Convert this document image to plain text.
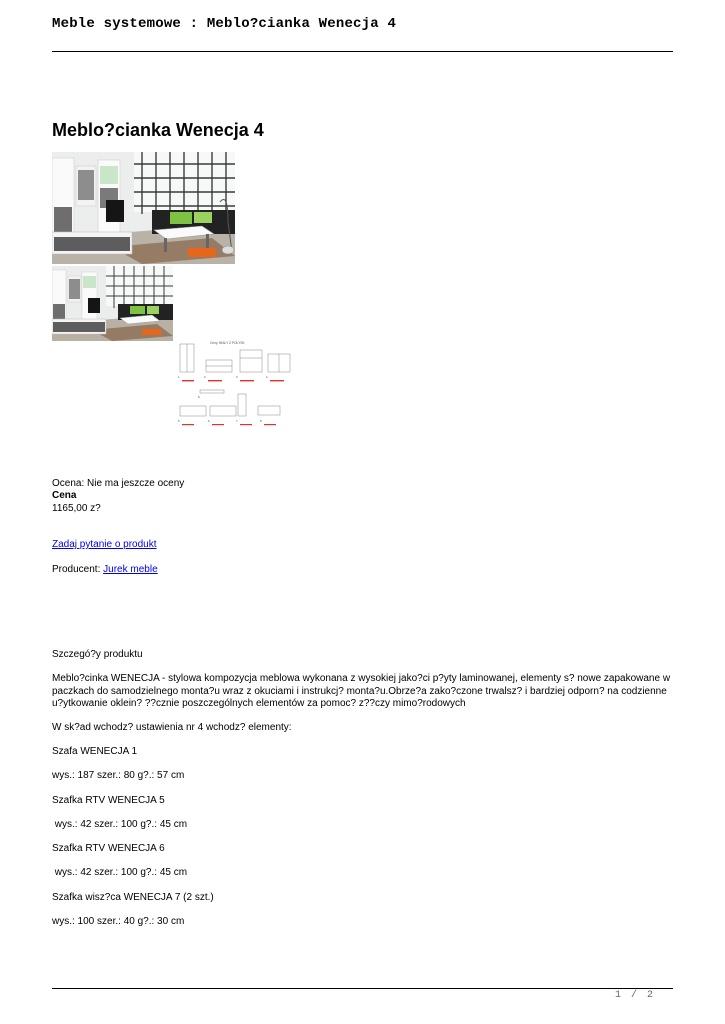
Meble systemowe : Meblo?cianka Wenecja 4
Meblo?cianka Wenecja 4
Ceny: BIAŁY Z POŁYSK
1.	2.	3.	4.
8.
5.	6.	7.	8.
Ocena: Nie ma jeszcze oceny
Cena
1165,00 z?
Zadaj pytanie o produkt
Producent: Jurek meble
Szczegó?y produktu
Meblo?cinka WENECJA - stylowa kompozycja meblowa wykonana z wysokiej jako?ci p?yty laminowanej, elementy s? nowe zapakowane w paczkach do samodzielnego monta?u wraz z okuciami i instrukcj? monta?u.Obrze?a zako?czone trwalsz? i bardziej odporn? na codzienne u?ytkowanie oklein? ??cznie poszczególnych elementów za pomoc? z??czy mimo?rodowych
W sk?ad wchodz? ustawienia nr 4 wchodz? elementy:
Szafa WENECJA 1
wys.: 187 szer.: 80 g?.: 57 cm
Szafka RTV WENECJA 5
wys.: 42 szer.: 100 g?.: 45 cm
Szafka RTV WENECJA 6
wys.: 42 szer.: 100 g?.: 45 cm
Szafka wisz?ca WENECJA 7 (2 szt.)
wys.: 100 szer.: 40 g?.: 30 cm
1 / 2
